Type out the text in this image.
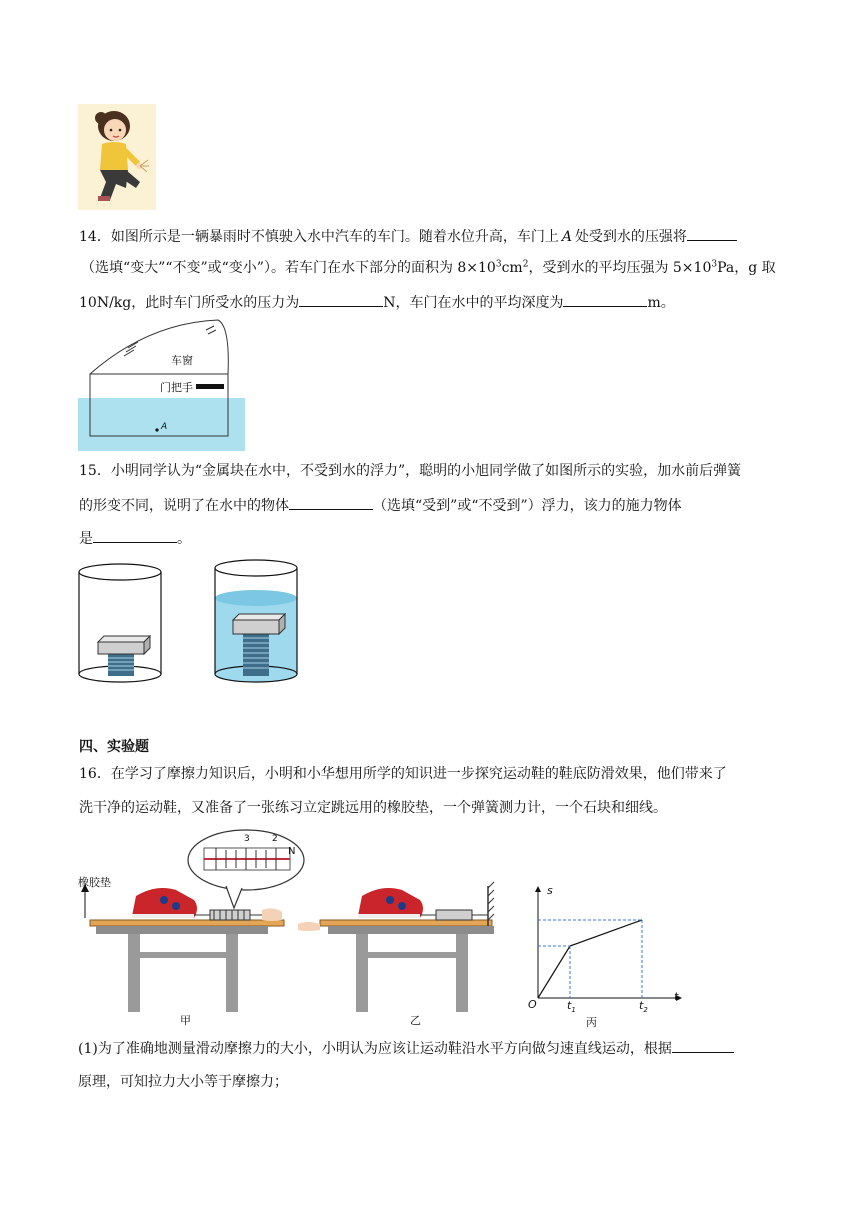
14．如图所示是一辆暴雨时不慎驶入水中汽车的车门。随着水位升高，车门上 A 处受到水的压强将
（选填“变大”“不变”或“变小”）。若车门在水下部分的面积为 $8\times 10^3cm^2$，受到水的平均压强为 $5\times 10^3Pa$，g 取
10N/kg，此时车门所受水的压力为	N，车门在水中的平均深度为	m。
车窗
门把手
A
15．小明同学认为“金属块在水中，不受到水的浮力”，聪明的小旭同学做了如图所示的实验，加水前后弹簧
的形变不同，说明了在水中的物体	（选填“受到”或“不受到”）浮力，该力的施力物体
是	。
四、实验题
16．在学习了摩擦力知识后，小明和小华想用所学的知识进一步探究运动鞋的鞋底防滑效果，他们带来了
洗干净的运动鞋，又准备了一张练习立定跳远用的橡胶垫，一个弹簧测力计，一个石块和细线。
橡胶垫
甲	乙	丙
s
t
O	$t_1$	$t_2$
N
2
3
(1)为了准确地测量滑动摩擦力的大小，小明认为应该让运动鞋沿水平方向做匀速直线运动，根据
原理，可知拉力大小等于摩擦力；
